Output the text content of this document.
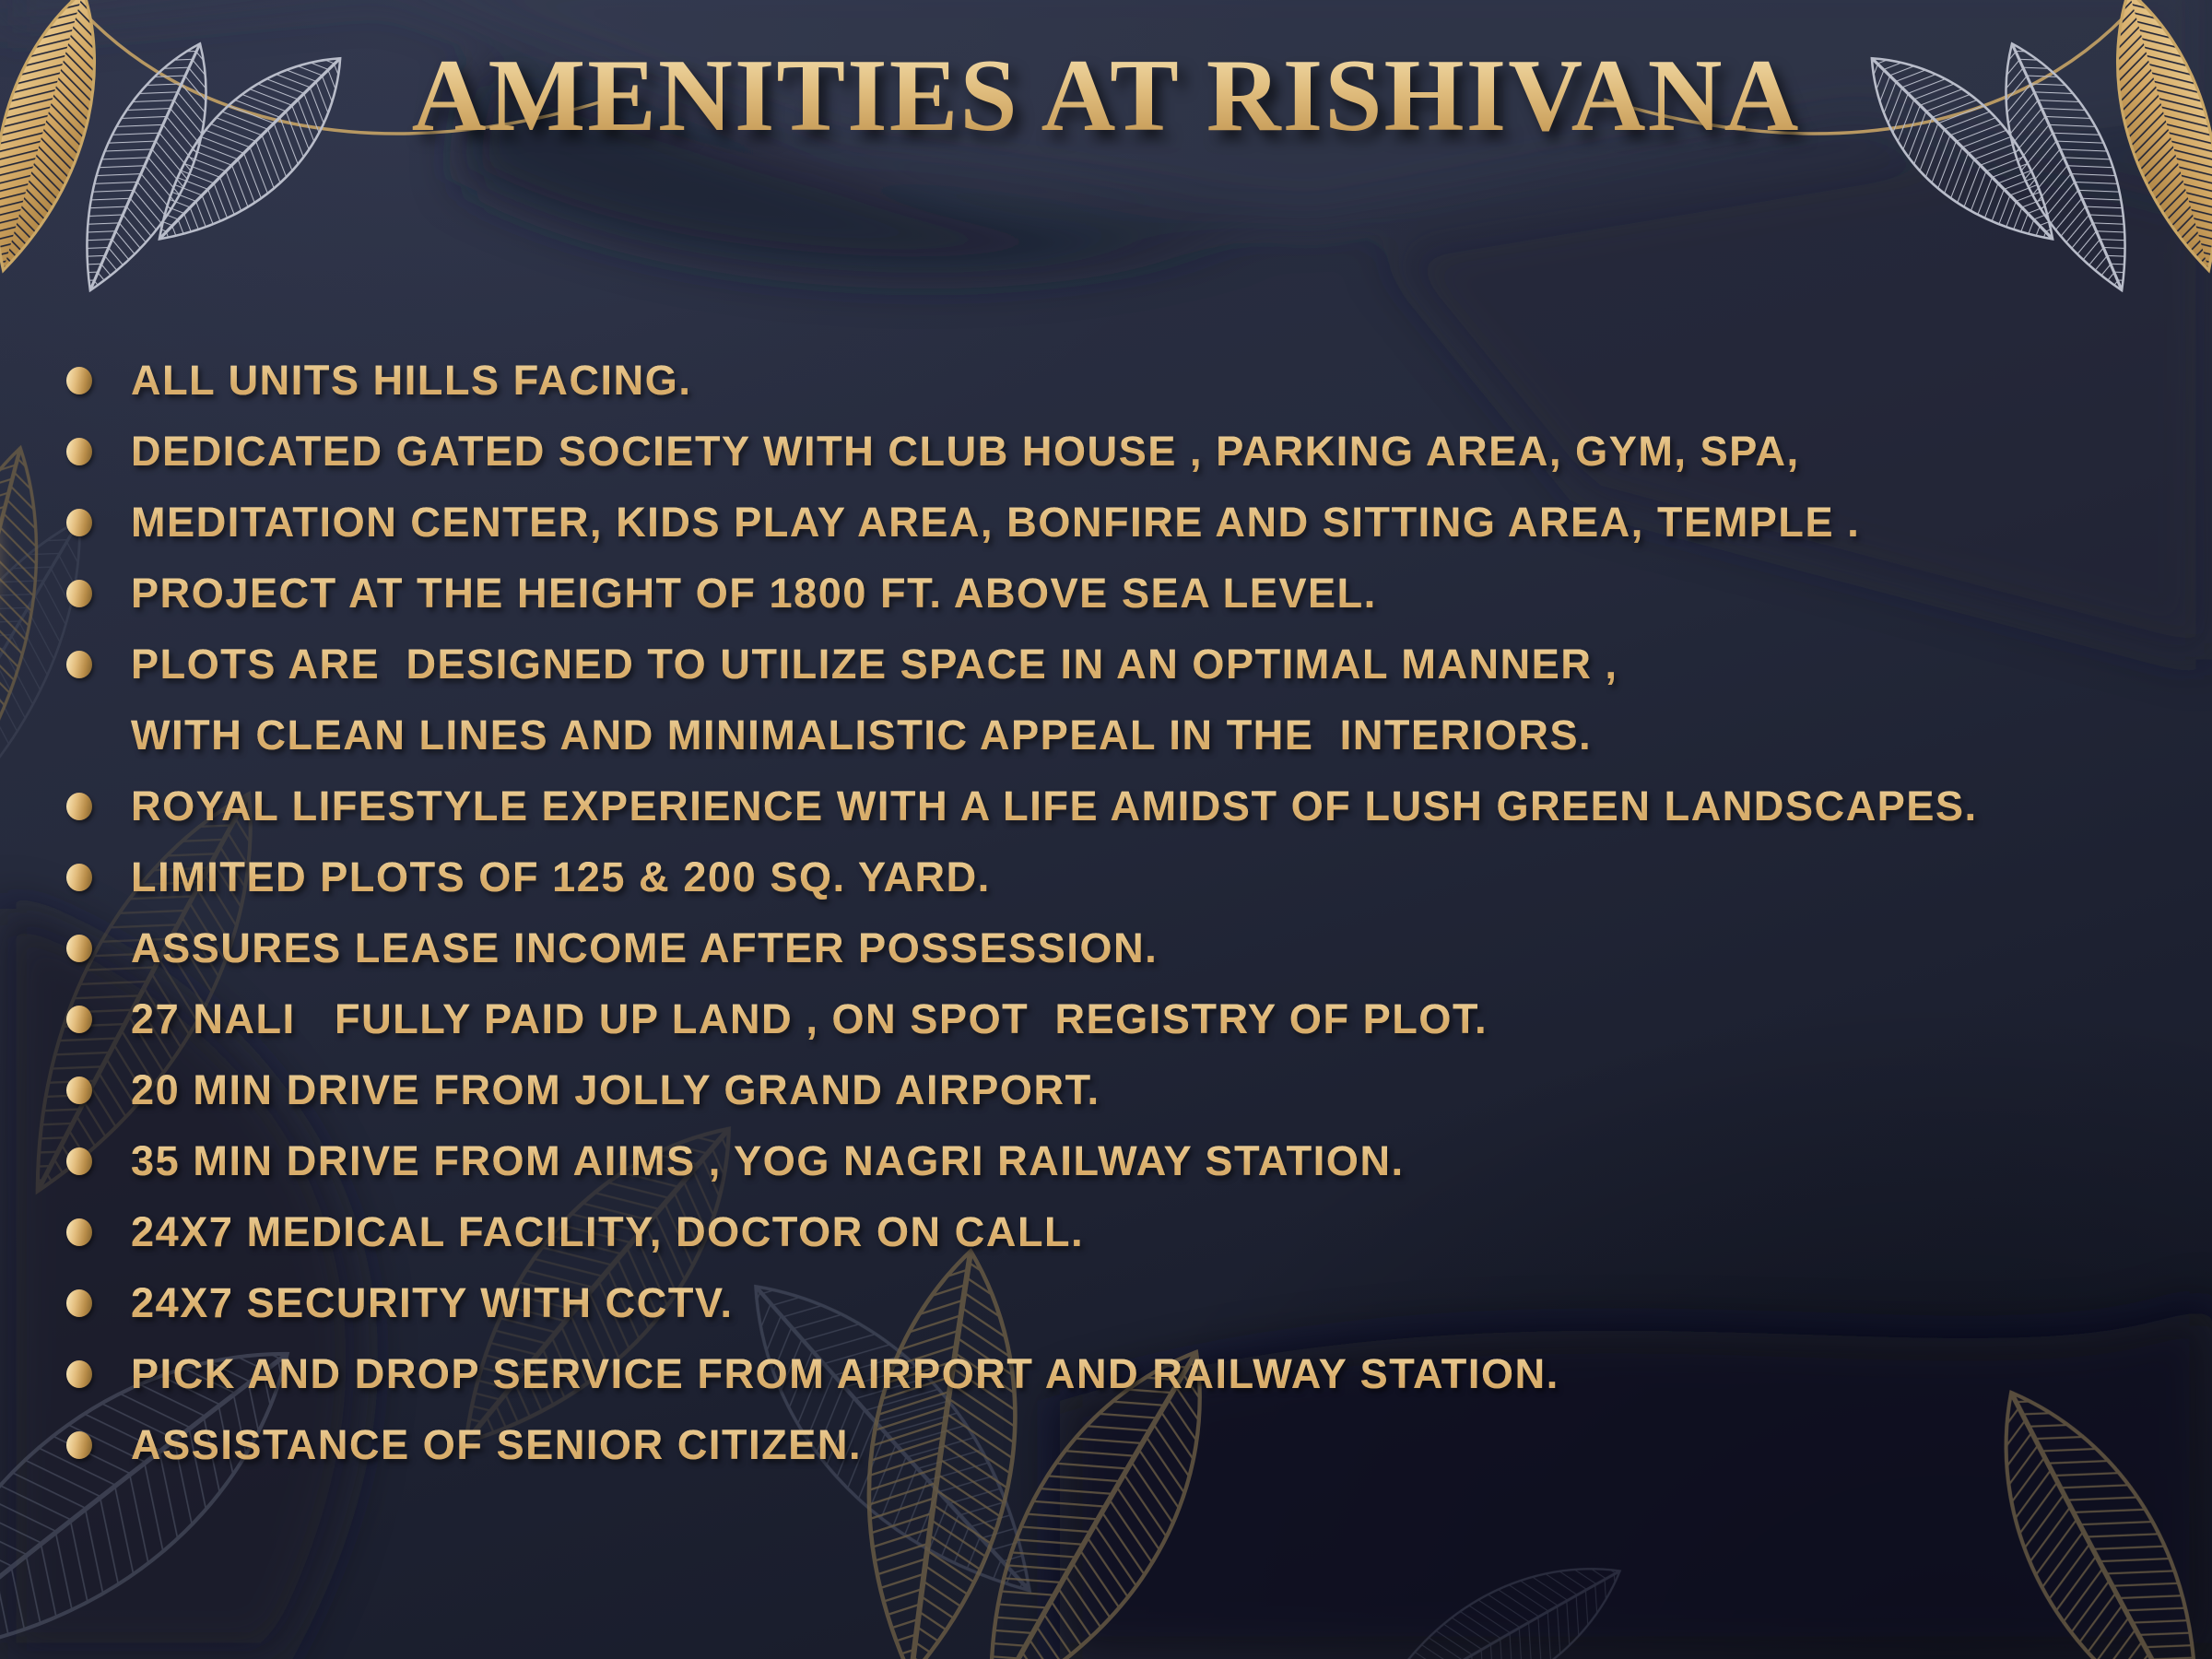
AMENITIES AT RISHIVANA
ALL UNITS HILLS FACING.
DEDICATED GATED SOCIETY WITH CLUB HOUSE , PARKING AREA, GYM, SPA,
MEDITATION CENTER, KIDS PLAY AREA, BONFIRE AND SITTING AREA, TEMPLE .
PROJECT AT THE HEIGHT OF 1800 FT. ABOVE SEA LEVEL.
PLOTS ARE  DESIGNED TO UTILIZE SPACE IN AN OPTIMAL MANNER ,
WITH CLEAN LINES AND MINIMALISTIC APPEAL IN THE  INTERIORS.
ROYAL LIFESTYLE EXPERIENCE WITH A LIFE AMIDST OF LUSH GREEN LANDSCAPES.
LIMITED PLOTS OF 125 & 200 SQ. YARD.
ASSURES LEASE INCOME AFTER POSSESSION.
27 NALI   FULLY PAID UP LAND , ON SPOT  REGISTRY OF PLOT.
20 MIN DRIVE FROM JOLLY GRAND AIRPORT.
35 MIN DRIVE FROM AIIMS , YOG NAGRI RAILWAY STATION.
24X7 MEDICAL FACILITY, DOCTOR ON CALL.
24X7 SECURITY WITH CCTV.
PICK AND DROP SERVICE FROM AIRPORT AND RAILWAY STATION.
ASSISTANCE OF SENIOR CITIZEN.
